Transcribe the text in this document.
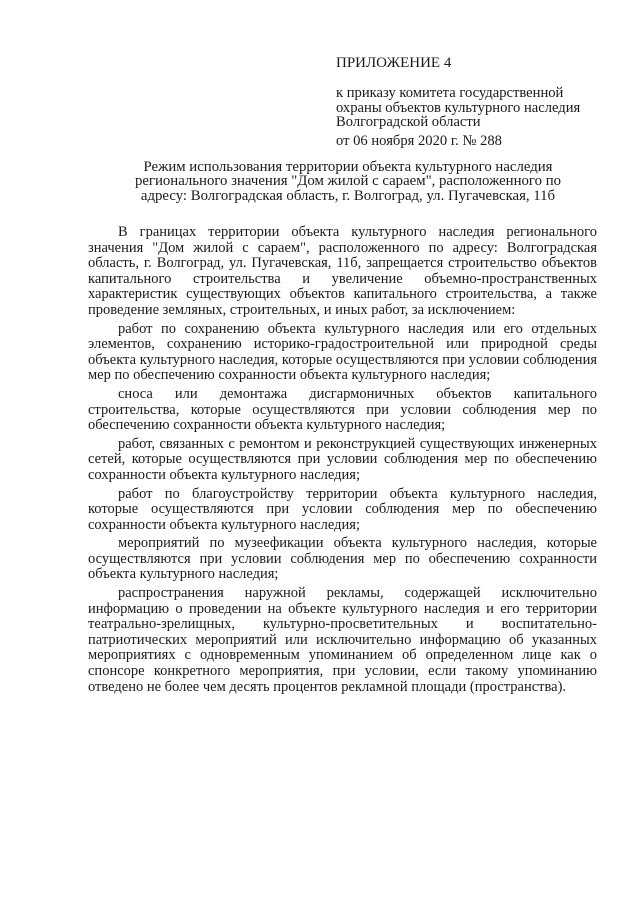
ПРИЛОЖЕНИЕ 4

к приказу комитета государственной
охраны объектов культурного наследия
Волгоградской области

от 06 ноября 2020 г. № 288

Режим использования территории объекта культурного наследия
регионального значения "Дом жилой с сараем", расположенного по
адресу: Волгоградская область, г. Волгоград, ул. Пугачевская, 11б

В границах территории объекта культурного наследия регионального значения "Дом жилой с сараем", расположенного по адресу: Волгоградская область, г. Волгоград, ул. Пугачевская, 11б, запрещается строительство объектов капитального строительства и увеличение объемно-пространственных характеристик существующих объектов капитального строительства, а также проведение земляных, строительных, и иных работ, за исключением:

работ по сохранению объекта культурного наследия или его отдельных элементов, сохранению историко-градостроительной или природной среды объекта культурного наследия, которые осуществляются при условии соблюдения мер по обеспечению сохранности объекта культурного наследия;

сноса или демонтажа дисгармоничных объектов капитального строительства, которые осуществляются при условии соблюдения мер по обеспечению сохранности объекта культурного наследия;

работ, связанных с ремонтом и реконструкцией существующих инженерных сетей, которые осуществляются при условии соблюдения мер по обеспечению сохранности объекта культурного наследия;

работ по благоустройству территории объекта культурного наследия, которые осуществляются при условии соблюдения мер по обеспечению сохранности объекта культурного наследия;

мероприятий по музеефикации объекта культурного наследия, которые осуществляются при условии соблюдения мер по обеспечению сохранности объекта культурного наследия;

распространения наружной рекламы, содержащей исключительно информацию о проведении на объекте культурного наследия и его территории театрально-зрелищных, культурно-просветительных и воспитательно-патриотических мероприятий или исключительно информацию об указанных мероприятиях с одновременным упоминанием об определенном лице как о спонсоре конкретного мероприятия, при условии, если такому упоминанию отведено не более чем десять процентов рекламной площади (пространства).
